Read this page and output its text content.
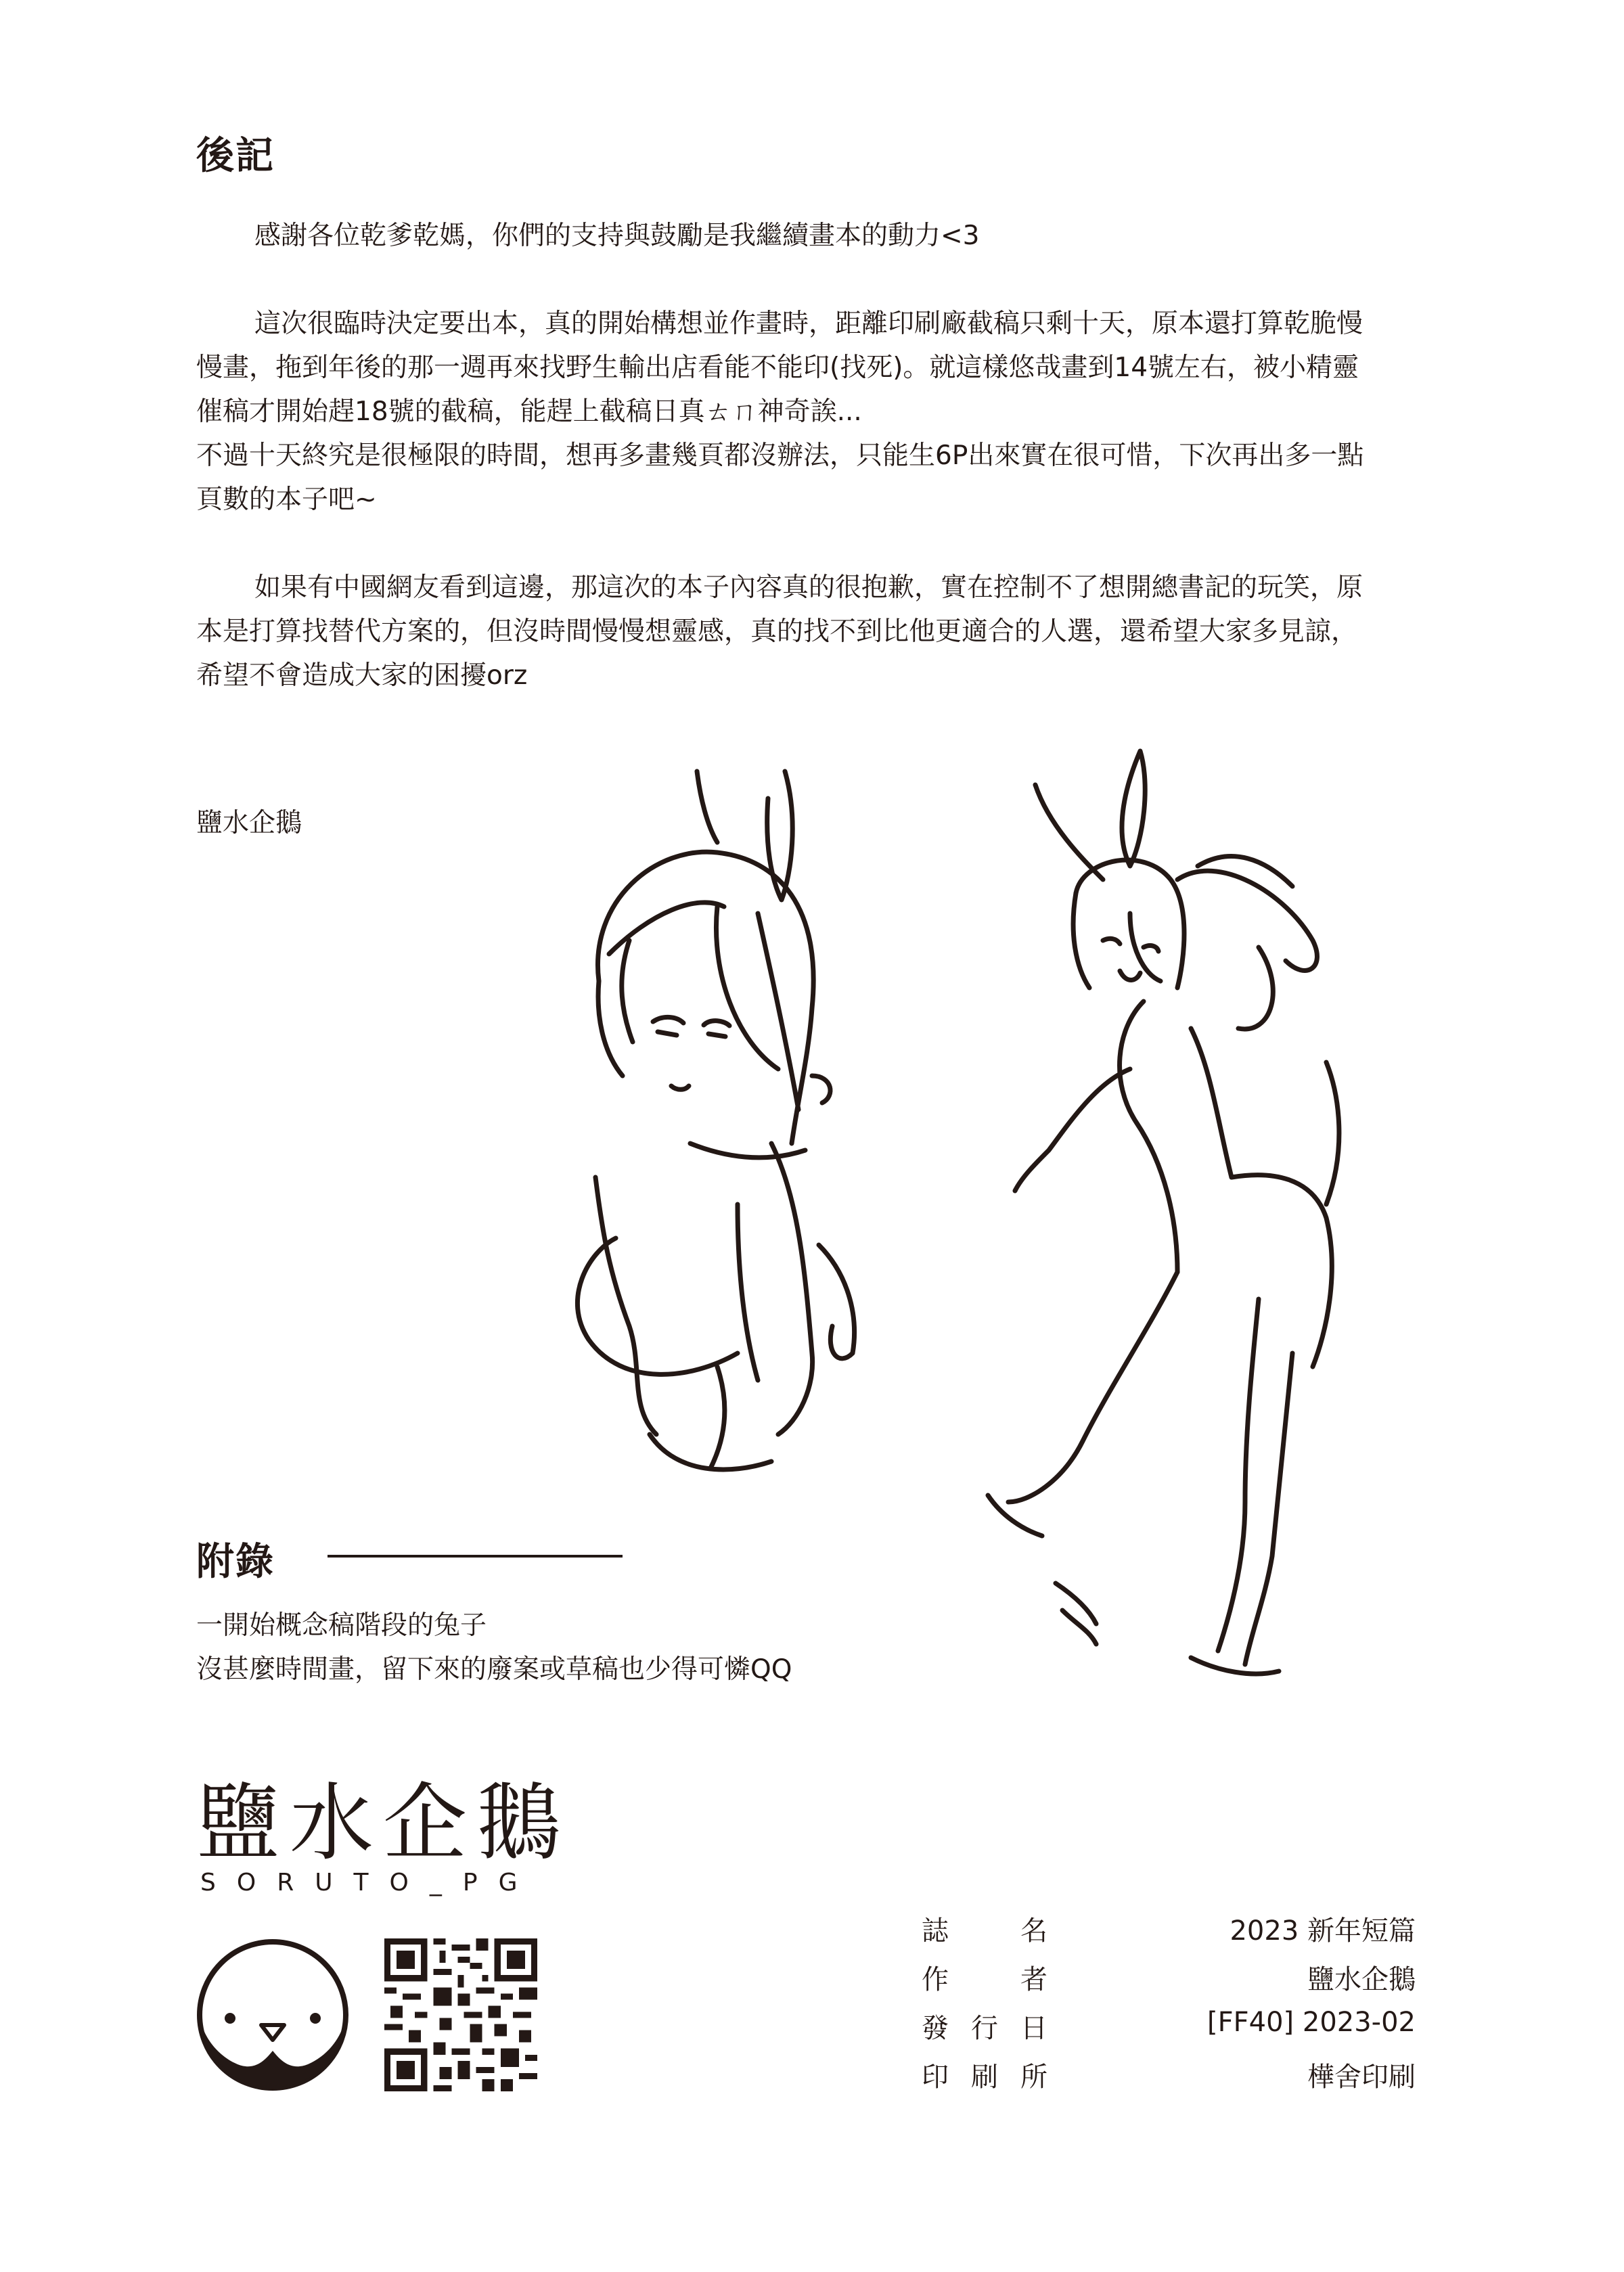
後記

感謝各位乾爹乾媽，你們的支持與鼓勵是我繼續畫本的動力<3

這次很臨時決定要出本，真的開始構想並作畫時，距離印刷廠截稿只剩十天，原本還打算乾脆慢慢畫，拖到年後的那一週再來找野生輸出店看能不能印(找死)。就這樣悠哉畫到14號左右，被小精靈催稿才開始趕18號的截稿，能趕上截稿日真ㄊㄇ神奇誒...

不過十天終究是很極限的時間，想再多畫幾頁都沒辦法，只能生6P出來實在很可惜，下次再出多一點頁數的本子吧~

如果有中國網友看到這邊，那這次的本子內容真的很抱歉，實在控制不了想開總書記的玩笑，原本是打算找替代方案的，但沒時間慢慢想靈感，真的找不到比他更適合的人選，還希望大家多見諒，希望不會造成大家的困擾orz

鹽水企鵝
附錄
一開始概念稿階段的兔子
沒甚麼時間畫，留下來的廢案或草稿也少得可憐QQ
鹽水企鵝
SORUTO_PG
誌	名	2023 新年短篇
作	者	鹽水企鵝
發 行 日	[FF40] 2023-02
印 刷 所	樺舍印刷
